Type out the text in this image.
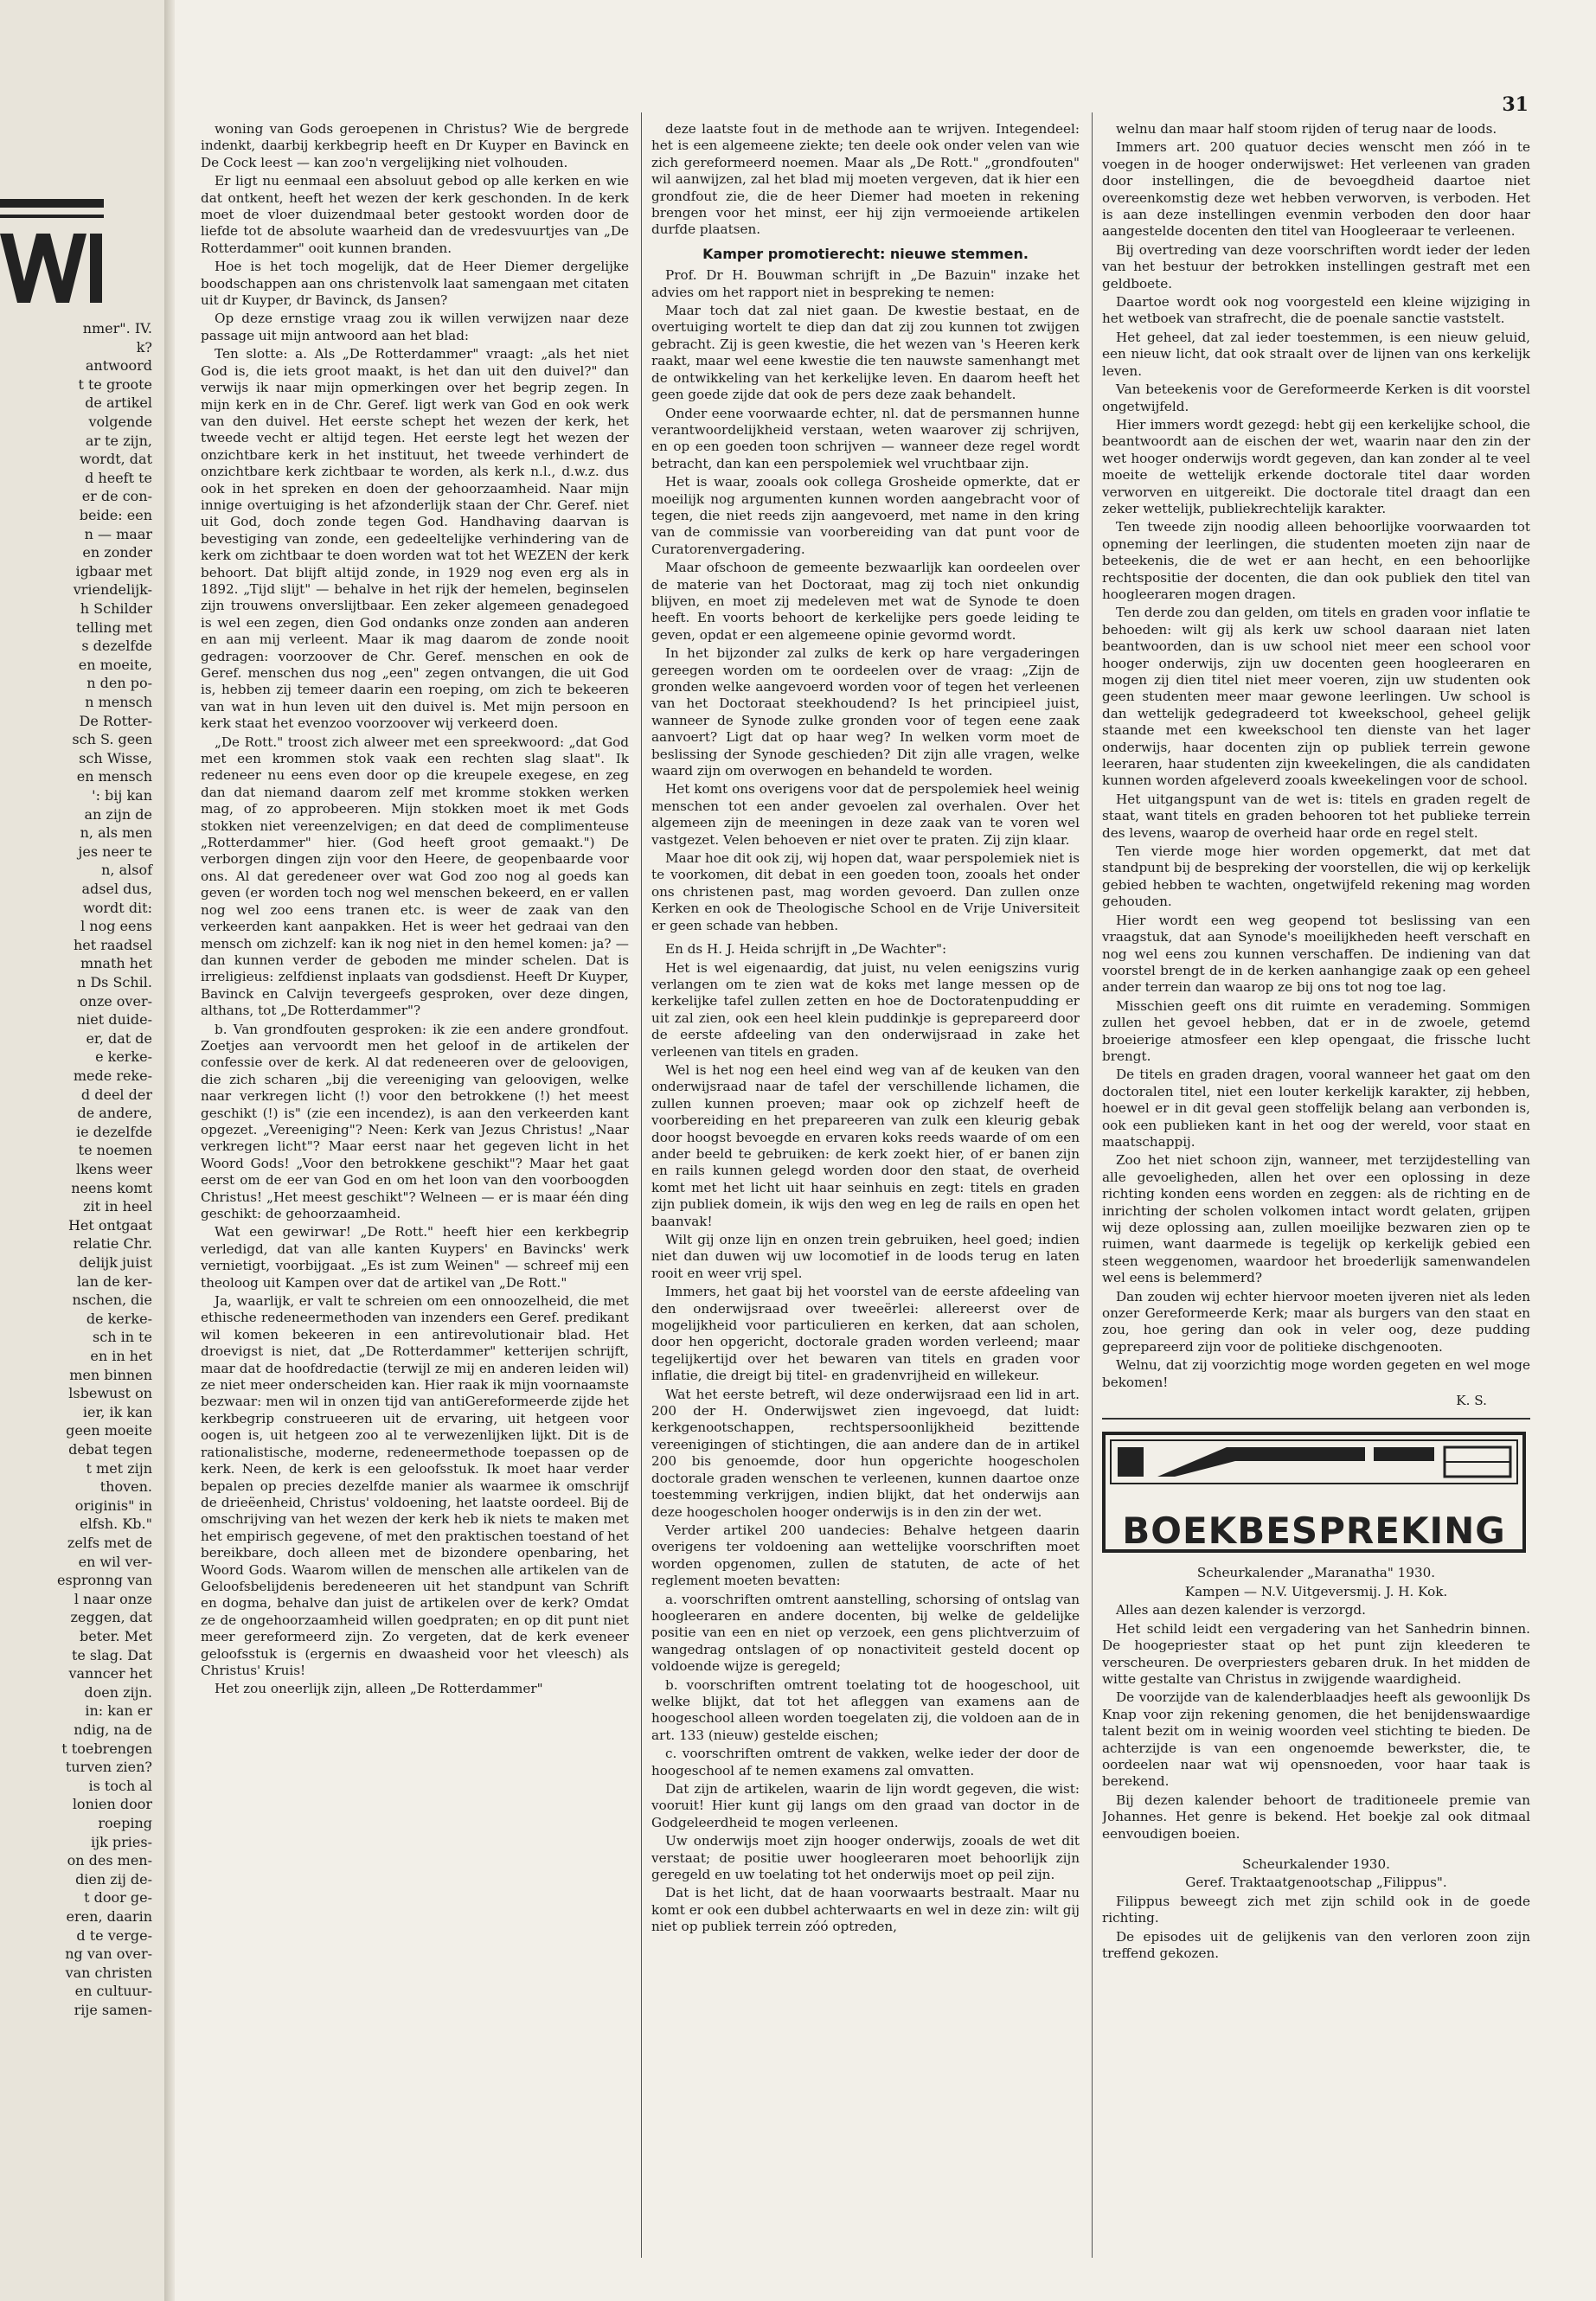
nmer". IV.
k?
antwoord
t te groote
de artikel
volgende
ar te zijn,
wordt, dat
d heeft te
er de con-
beide: een
n — maar
en zonder
igbaar met
vriendelijk-
h Schilder
telling met
s dezelfde
en moeite,
n den po-
n mensch
De Rotter-
sch S. geen
sch Wisse,
en mensch
': bij kan
an zijn de
n, als men
jes neer te
n, alsof
adsel dus,
wordt dit:
l nog eens
het raadsel
mnath het
n Ds Schil.
onze over-
niet duide-
er, dat de
e kerke-
mede reke-
d deel der
de andere,
ie dezelfde
te noemen
lkens weer
neens komt
zit in heel
Het ontgaat
relatie Chr.
delijk juist
lan de ker-
nschen, die
de kerke-
sch in te
en in het
men binnen
lsbewust on
ier, ik kan
geen moeite
debat tegen
t met zijn
thoven.
originis" in
elfsh. Kb."
zelfs met de
en wil ver-
espronng van
l naar onze
zeggen, dat
beter. Met
te slag. Dat
vanncer het
doen zijn.
in: kan er
ndig, na de
t toebrengen
turven zien?
is toch al
lonien door
roeping
ijk pries-
on des men-
dien zij de-
t door ge-
eren, daarin
d te verge-
ng van over-
van christen
en cultuur-
rije samen-
31

woning van Gods geroepenen in Christus? Wie de bergrede indenkt, daarbij kerkbegrip heeft en Dr Kuyper en Bavinck en De Cock leest — kan zoo'n vergelijking niet volhouden.

Er ligt nu eenmaal een absoluut gebod op alle kerken en wie dat ontkent, heeft het wezen der kerk geschonden. In de kerk moet de vloer duizendmaal beter gestookt worden door de liefde tot de absolute waarheid dan de vredesvuurtjes van „De Rotterdammer" ooit kunnen branden.

Hoe is het toch mogelijk, dat de Heer Diemer dergelijke boodschappen aan ons christenvolk laat samengaan met citaten uit dr Kuyper, dr Bavinck, ds Jansen?

Op deze ernstige vraag zou ik willen verwijzen naar deze passage uit mijn antwoord aan het blad:

Ten slotte: a. Als „De Rotterdammer" vraagt: „als het niet God is, die iets groot maakt, is het dan uit den duivel?" dan verwijs ik naar mijn opmerkingen over het begrip zegen. In mijn kerk en in de Chr. Geref. ligt werk van God en ook werk van den duivel. Het eerste schept het wezen der kerk, het tweede vecht er altijd tegen. Het eerste legt het wezen der onzichtbare kerk in het instituut, het tweede verhindert de onzichtbare kerk zichtbaar te worden, als kerk n.l., d.w.z. dus ook in het spreken en doen der gehoorzaamheid. Naar mijn innige overtuiging is het afzonderlijk staan der Chr. Geref. niet uit God, doch zonde tegen God. Handhaving daarvan is bevestiging van zonde, een gedeeltelijke verhindering van de kerk om zichtbaar te doen worden wat tot het WEZEN der kerk behoort. Dat blijft altijd zonde, in 1929 nog even erg als in 1892. „Tijd slijt" — behalve in het rijk der hemelen, beginselen zijn trouwens onverslijtbaar. Een zeker algemeen genadegoed is wel een zegen, dien God ondanks onze zonden aan anderen en aan mij verleent. Maar ik mag daarom de zonde nooit gedragen: voorzoover de Chr. Geref. menschen en ook de Geref. menschen dus nog „een" zegen ontvangen, die uit God is, hebben zij temeer daarin een roeping, om zich te bekeeren van wat in hun leven uit den duivel is. Met mijn persoon en kerk staat het evenzoo voorzoover wij verkeerd doen.

„De Rott." troost zich alweer met een spreekwoord: „dat God met een krommen stok vaak een rechten slag slaat". Ik redeneer nu eens even door op die kreupele exegese, en zeg dan dat niemand daarom zelf met kromme stokken werken mag, of zo approbeeren. Mijn stokken moet ik met Gods stokken niet vereenzelvigen; en dat deed de complimenteuse „Rotterdammer" hier. (God heeft groot gemaakt.") De verborgen dingen zijn voor den Heere, de geopenbaarde voor ons. Al dat geredeneer over wat God zoo nog al goeds kan geven (er worden toch nog wel menschen bekeerd, en er vallen nog wel zoo eens tranen etc. is weer de zaak van den verkeerden kant aanpakken. Het is weer het gedraai van den mensch om zichzelf: kan ik nog niet in den hemel komen: ja? — dan kunnen verder de geboden me minder schelen. Dat is irreligieus: zelfdienst inplaats van godsdienst. Heeft Dr Kuyper, Bavinck en Calvijn tevergeefs gesproken, over deze dingen, althans, tot „De Rotterdammer"?

b. Van grondfouten gesproken: ik zie een andere grondfout. Zoetjes aan vervoordt men het geloof in de artikelen der confessie over de kerk. Al dat redeneeren over de geloovigen, die zich scharen „bij die vereeniging van geloovigen, welke naar verkregen licht (!) voor den betrokkene (!) het meest geschikt (!) is" (zie een incendez), is aan den verkeerden kant opgezet. „Vereeniging"? Neen: Kerk van Jezus Christus! „Naar verkregen licht"? Maar eerst naar het gegeven licht in het Woord Gods! „Voor den betrokkene geschikt"? Maar het gaat eerst om de eer van God en om het loon van den voorboogden Christus! „Het meest geschikt"? Welneen — er is maar één ding geschikt: de gehoorzaamheid.

Wat een gewirwar! „De Rott." heeft hier een kerkbegrip verledigd, dat van alle kanten Kuypers' en Bavincks' werk vernietigt, voorbijgaat. „Es ist zum Weinen" — schreef mij een theoloog uit Kampen over dat de artikel van „De Rott."

Ja, waarlijk, er valt te schreien om een onnoozelheid, die met ethische redeneermethoden van inzenders een Geref. predikant wil komen bekeeren in een antirevolutionair blad. Het droevigst is niet, dat „De Rotterdammer" ketterijen schrijft, maar dat de hoofdredactie (terwijl ze mij en anderen leiden wil) ze niet meer onderscheiden kan. Hier raak ik mijn voornaamste bezwaar: men wil in onzen tijd van antiGereformeerde zijde het kerkbegrip construeeren uit de ervaring, uit hetgeen voor oogen is, uit hetgeen zoo al te verwezenlijken lijkt. Dit is de rationalistische, moderne, redeneermethode toepassen op de kerk. Neen, de kerk is een geloofsstuk. Ik moet haar verder bepalen op precies dezelfde manier als waarmee ik omschrijf de drieëenheid, Christus' voldoening, het laatste oordeel. Bij de omschrijving van het wezen der kerk heb ik niets te maken met het empirisch gegevene, of met den praktischen toestand of het bereikbare, doch alleen met de bizondere openbaring, het Woord Gods. Waarom willen de menschen alle artikelen van de Geloofsbelijdenis beredeneeren uit het standpunt van Schrift en dogma, behalve dan juist de artikelen over de kerk? Omdat ze de ongehoorzaamheid willen goedpraten; en op dit punt niet meer gereformeerd zijn. Zo vergeten, dat de kerk eveneer geloofsstuk is (ergernis en dwaasheid voor het vleesch) als Christus' Kruis!

Het zou oneerlijk zijn, alleen „De Rotterdammer"

deze laatste fout in de methode aan te wrijven. Integendeel: het is een algemeene ziekte; ten deele ook onder velen van wie zich gereformeerd noemen. Maar als „De Rott." „grondfouten" wil aanwijzen, zal het blad mij moeten vergeven, dat ik hier een grondfout zie, die de heer Diemer had moeten in rekening brengen voor het minst, eer hij zijn vermoeiende artikelen durfde plaatsen.

Kamper promotierecht: nieuwe stemmen.

Prof. Dr H. Bouwman schrijft in „De Bazuin" inzake het advies om het rapport niet in bespreking te nemen:

Maar toch dat zal niet gaan. De kwestie bestaat, en de overtuiging wortelt te diep dan dat zij zou kunnen tot zwijgen gebracht. Zij is geen kwestie, die het wezen van 's Heeren kerk raakt, maar wel eene kwestie die ten nauwste samenhangt met de ontwikkeling van het kerkelijke leven. En daarom heeft het geen goede zijde dat ook de pers deze zaak behandelt.

Onder eene voorwaarde echter, nl. dat de persmannen hunne verantwoordelijkheid verstaan, weten waarover zij schrijven, en op een goeden toon schrijven — wanneer deze regel wordt betracht, dan kan een perspolemiek wel vruchtbaar zijn.

Het is waar, zooals ook collega Grosheide opmerkte, dat er moeilijk nog argumenten kunnen worden aangebracht voor of tegen, die niet reeds zijn aangevoerd, met name in den kring van de commissie van voorbereiding van dat punt voor de Curatorenvergadering.

Maar ofschoon de gemeente bezwaarlijk kan oordeelen over de materie van het Doctoraat, mag zij toch niet onkundig blijven, en moet zij medeleven met wat de Synode te doen heeft. En voorts behoort de kerkelijke pers goede leiding te geven, opdat er een algemeene opinie gevormd wordt.

In het bijzonder zal zulks de kerk op hare vergaderingen gereegen worden om te oordeelen over de vraag: „Zijn de gronden welke aangevoerd worden voor of tegen het verleenen van het Doctoraat steekhoudend? Is het principieel juist, wanneer de Synode zulke gronden voor of tegen eene zaak aanvoert? Ligt dat op haar weg? In welken vorm moet de beslissing der Synode geschieden? Dit zijn alle vragen, welke waard zijn om overwogen en behandeld te worden.

Het komt ons overigens voor dat de perspolemiek heel weinig menschen tot een ander gevoelen zal overhalen. Over het algemeen zijn de meeningen in deze zaak van te voren wel vastgezet. Velen behoeven er niet over te praten. Zij zijn klaar.

Maar hoe dit ook zij, wij hopen dat, waar perspolemiek niet is te voorkomen, dit debat in een goeden toon, zooals het onder ons christenen past, mag worden gevoerd. Dan zullen onze Kerken en ook de Theologische School en de Vrije Universiteit er geen schade van hebben.

En ds H. J. Heida schrijft in „De Wachter":

Het is wel eigenaardig, dat juist, nu velen eenigszins vurig verlangen om te zien wat de koks met lange messen op de kerkelijke tafel zullen zetten en hoe de Doctoratenpudding er uit zal zien, ook een heel klein puddinkje is geprepareerd door de eerste afdeeling van den onderwijsraad in zake het verleenen van titels en graden.

Wel is het nog een heel eind weg van af de keuken van den onderwijsraad naar de tafel der verschillende lichamen, die zullen kunnen proeven; maar ook op zichzelf heeft de voorbereiding en het prepareeren van zulk een kleurig gebak door hoogst bevoegde en ervaren koks reeds waarde of om een ander beeld te gebruiken: de kerk zoekt hier, of er banen zijn en rails kunnen gelegd worden door den staat, de overheid komt met het licht uit haar seinhuis en zegt: titels en graden zijn publiek domein, ik wijs den weg en leg de rails en open het baanvak!

Wilt gij onze lijn en onzen trein gebruiken, heel goed; indien niet dan duwen wij uw locomotief in de loods terug en laten rooit en weer vrij spel.

Immers, het gaat bij het voorstel van de eerste afdeeling van den onderwijsraad over tweeërlei: allereerst over de mogelijkheid voor particulieren en kerken, dat aan scholen, door hen opgericht, doctorale graden worden verleend; maar tegelijkertijd over het bewaren van titels en graden voor inflatie, die dreigt bij titel- en gradenvrijheid en willekeur.

Wat het eerste betreft, wil deze onderwijsraad een lid in art. 200 der H. Onderwijswet zien ingevoegd, dat luidt: kerkgenootschappen, rechtspersoonlijkheid bezittende vereenigingen of stichtingen, die aan andere dan de in artikel 200 bis genoemde, door hun opgerichte hoogescholen doctorale graden wenschen te verleenen, kunnen daartoe onze toestemming verkrijgen, indien blijkt, dat het onderwijs aan deze hoogescholen hooger onderwijs is in den zin der wet.

Verder artikel 200 uandecies: Behalve hetgeen daarin overigens ter voldoening aan wettelijke voorschriften moet worden opgenomen, zullen de statuten, de acte of het reglement moeten bevatten:

a. voorschriften omtrent aanstelling, schorsing of ontslag van hoogleeraren en andere docenten, bij welke de geldelijke positie van een en niet op verzoek, een gens plichtverzuim of wangedrag ontslagen of op nonactiviteit gesteld docent op voldoende wijze is geregeld;

b. voorschriften omtrent toelating tot de hoogeschool, uit welke blijkt, dat tot het afleggen van examens aan de hoogeschool alleen worden toegelaten zij, die voldoen aan de in art. 133 (nieuw) gestelde eischen;

c. voorschriften omtrent de vakken, welke ieder der door de hoogeschool af te nemen examens zal omvatten.

Dat zijn de artikelen, waarin de lijn wordt gegeven, die wist: vooruit! Hier kunt gij langs om den graad van doctor in de Godgeleerdheid te mogen verleenen.

Uw onderwijs moet zijn hooger onderwijs, zooals de wet dit verstaat; de positie uwer hoogleeraren moet behoorlijk zijn geregeld en uw toelating tot het onderwijs moet op peil zijn.

Dat is het licht, dat de haan voorwaarts bestraalt. Maar nu komt er ook een dubbel achterwaarts en wel in deze zin: wilt gij niet op publiek terrein zóó optreden,

welnu dan maar half stoom rijden of terug naar de loods.

Immers art. 200 quatuor decies wenscht men zóó in te voegen in de hooger onderwijswet: Het verleenen van graden door instellingen, die de bevoegdheid daartoe niet overeenkomstig deze wet hebben verworven, is verboden. Het is aan deze instellingen evenmin verboden den door haar aangestelde docenten den titel van Hoogleeraar te verleenen.

Bij overtreding van deze voorschriften wordt ieder der leden van het bestuur der betrokken instellingen gestraft met een geldboete.

Daartoe wordt ook nog voorgesteld een kleine wijziging in het wetboek van strafrecht, die de poenale sanctie vaststelt.

Het geheel, dat zal ieder toestemmen, is een nieuw geluid, een nieuw licht, dat ook straalt over de lijnen van ons kerkelijk leven.

Van beteekenis voor de Gereformeerde Kerken is dit voorstel ongetwijfeld.

Hier immers wordt gezegd: hebt gij een kerkelijke school, die beantwoordt aan de eischen der wet, waarin naar den zin der wet hooger onderwijs wordt gegeven, dan kan zonder al te veel moeite de wettelijk erkende doctorale titel daar worden verworven en uitgereikt. Die doctorale titel draagt dan een zeker wettelijk, publiekrechtelijk karakter.

Ten tweede zijn noodig alleen behoorlijke voorwaarden tot opneming der leerlingen, die studenten moeten zijn naar de beteekenis, die de wet er aan hecht, en een behoorlijke rechtspositie der docenten, die dan ook publiek den titel van hoogleeraren mogen dragen.

Ten derde zou dan gelden, om titels en graden voor inflatie te behoeden: wilt gij als kerk uw school daaraan niet laten beantwoorden, dan is uw school niet meer een school voor hooger onderwijs, zijn uw docenten geen hoogleeraren en mogen zij dien titel niet meer voeren, zijn uw studenten ook geen studenten meer maar gewone leerlingen. Uw school is dan wettelijk gedegradeerd tot kweekschool, geheel gelijk staande met een kweekschool ten dienste van het lager onderwijs, haar docenten zijn op publiek terrein gewone leeraren, haar studenten zijn kweekelingen, die als candidaten kunnen worden afgeleverd zooals kweekelingen voor de school.

Het uitgangspunt van de wet is: titels en graden regelt de staat, want titels en graden behooren tot het publieke terrein des levens, waarop de overheid haar orde en regel stelt.

Ten vierde moge hier worden opgemerkt, dat met dat standpunt bij de bespreking der voorstellen, die wij op kerkelijk gebied hebben te wachten, ongetwijfeld rekening mag worden gehouden.

Hier wordt een weg geopend tot beslissing van een vraagstuk, dat aan Synode's moeilijkheden heeft verschaft en nog wel eens zou kunnen verschaffen. De indiening van dat voorstel brengt de in de kerken aanhangige zaak op een geheel ander terrein dan waarop ze bij ons tot nog toe lag.

Misschien geeft ons dit ruimte en verademing. Sommigen zullen het gevoel hebben, dat er in de zwoele, getemd broeierige atmosfeer een klep opengaat, die frissche lucht brengt.

De titels en graden dragen, vooral wanneer het gaat om den doctoralen titel, niet een louter kerkelijk karakter, zij hebben, hoewel er in dit geval geen stoffelijk belang aan verbonden is, ook een publieken kant in het oog der wereld, voor staat en maatschappij.

Zoo het niet schoon zijn, wanneer, met terzijdestelling van alle gevoeligheden, allen het over een oplossing in deze richting konden eens worden en zeggen: als de richting en de inrichting der scholen volkomen intact wordt gelaten, grijpen wij deze oplossing aan, zullen moeilijke bezwaren zien op te ruimen, want daarmede is tegelijk op kerkelijk gebied een steen weggenomen, waardoor het broederlijk samenwandelen wel eens is belemmerd?

Dan zouden wij echter hiervoor moeten ijveren niet als leden onzer Gereformeerde Kerk; maar als burgers van den staat en zou, hoe gering dan ook in veler oog, deze pudding geprepareerd zijn voor de politieke dischgenooten.

Welnu, dat zij voorzichtig moge worden gegeten en wel moge bekomen!

K. S.

BOEKBESPREKING

Scheurkalender „Maranatha" 1930.

Kampen — N.V. Uitgeversmij. J. H. Kok.

Alles aan dezen kalender is verzorgd.

Het schild leidt een vergadering van het Sanhedrin binnen. De hoogepriester staat op het punt zijn kleederen te verscheuren. De overpriesters gebaren druk. In het midden de witte gestalte van Christus in zwijgende waardigheid.

De voorzijde van de kalenderblaadjes heeft als gewoonlijk Ds Knap voor zijn rekening genomen, die het benijdenswaardige talent bezit om in weinig woorden veel stichting te bieden. De achterzijde is van een ongenoemde bewerkster, die, te oordeelen naar wat wij opensnoeden, voor haar taak is berekend.

Bij dezen kalender behoort de traditioneele premie van Johannes. Het genre is bekend. Het boekje zal ook ditmaal eenvoudigen boeien.

Scheurkalender 1930.

Geref. Traktaatgenootschap „Filippus".

Filippus beweegt zich met zijn schild ook in de goede richting.

De episodes uit de gelijkenis van den verloren zoon zijn treffend gekozen.
